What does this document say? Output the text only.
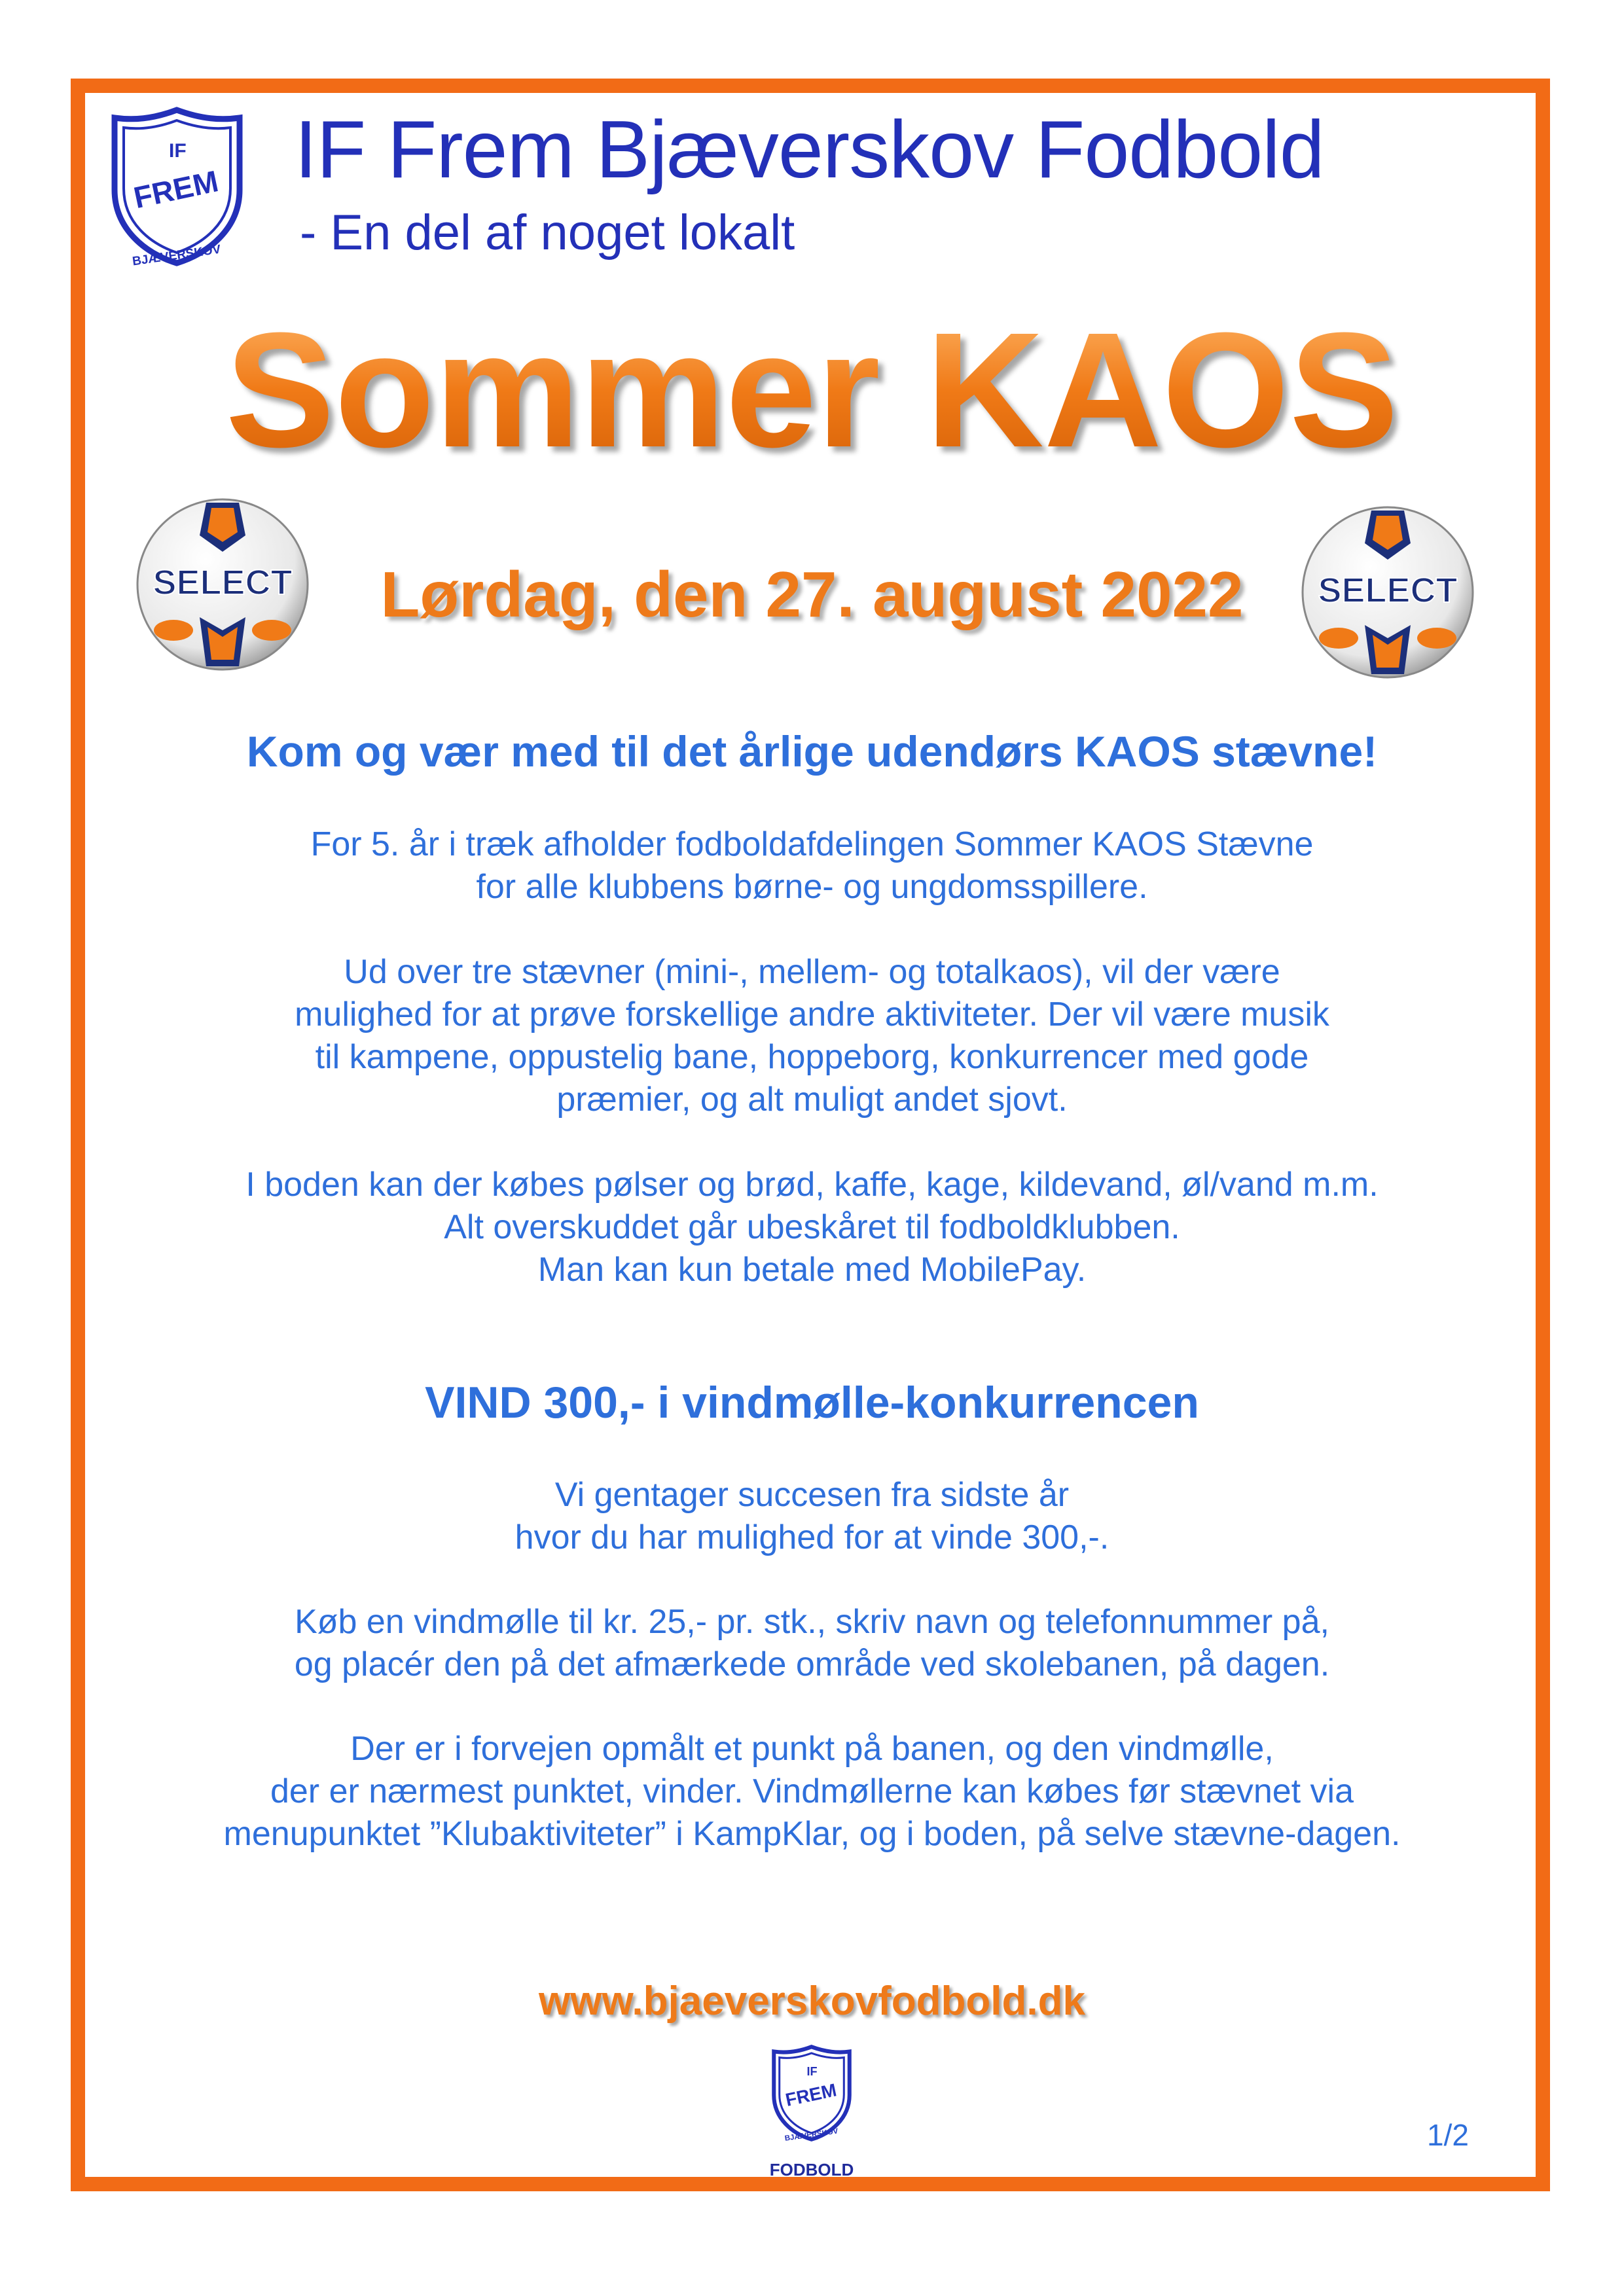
IF
FREM
BJÆVERSKOV
IF Frem Bjæverskov Fodbold
- En del af noget lokalt
Sommer KAOS
SELECT	SELECT
Lørdag, den 27. august 2022
Kom og vær med til det årlige udendørs KAOS stævne!
For 5. år i træk afholder fodboldafdelingen Sommer KAOS Stævne
for alle klubbens børne- og ungdomsspillere.
Ud over tre stævner (mini-, mellem- og totalkaos), vil der være
mulighed for at prøve forskellige andre aktiviteter. Der vil være musik
til kampene, oppustelig bane, hoppeborg, konkurrencer med gode
præmier, og alt muligt andet sjovt.
I boden kan der købes pølser og brød, kaffe, kage, kildevand, øl/vand m.m.
Alt overskuddet går ubeskåret til fodboldklubben.
Man kan kun betale med MobilePay.
VIND 300,- i vindmølle-konkurrencen
Vi gentager succesen fra sidste år
hvor du har mulighed for at vinde 300,-.
Køb en vindmølle til kr. 25,- pr. stk., skriv navn og telefonnummer på,
og placér den på det afmærkede område ved skolebanen, på dagen.
Der er i forvejen opmålt et punkt på banen, og den vindmølle,
der er nærmest punktet, vinder. Vindmøllerne kan købes før stævnet via
menupunktet ”Klubaktiviteter” i KampKlar, og i boden, på selve stævne-dagen.
www.bjaeverskovfodbold.dk
IF
FREM
BJÆVERSKOV
FODBOLD
1/2
